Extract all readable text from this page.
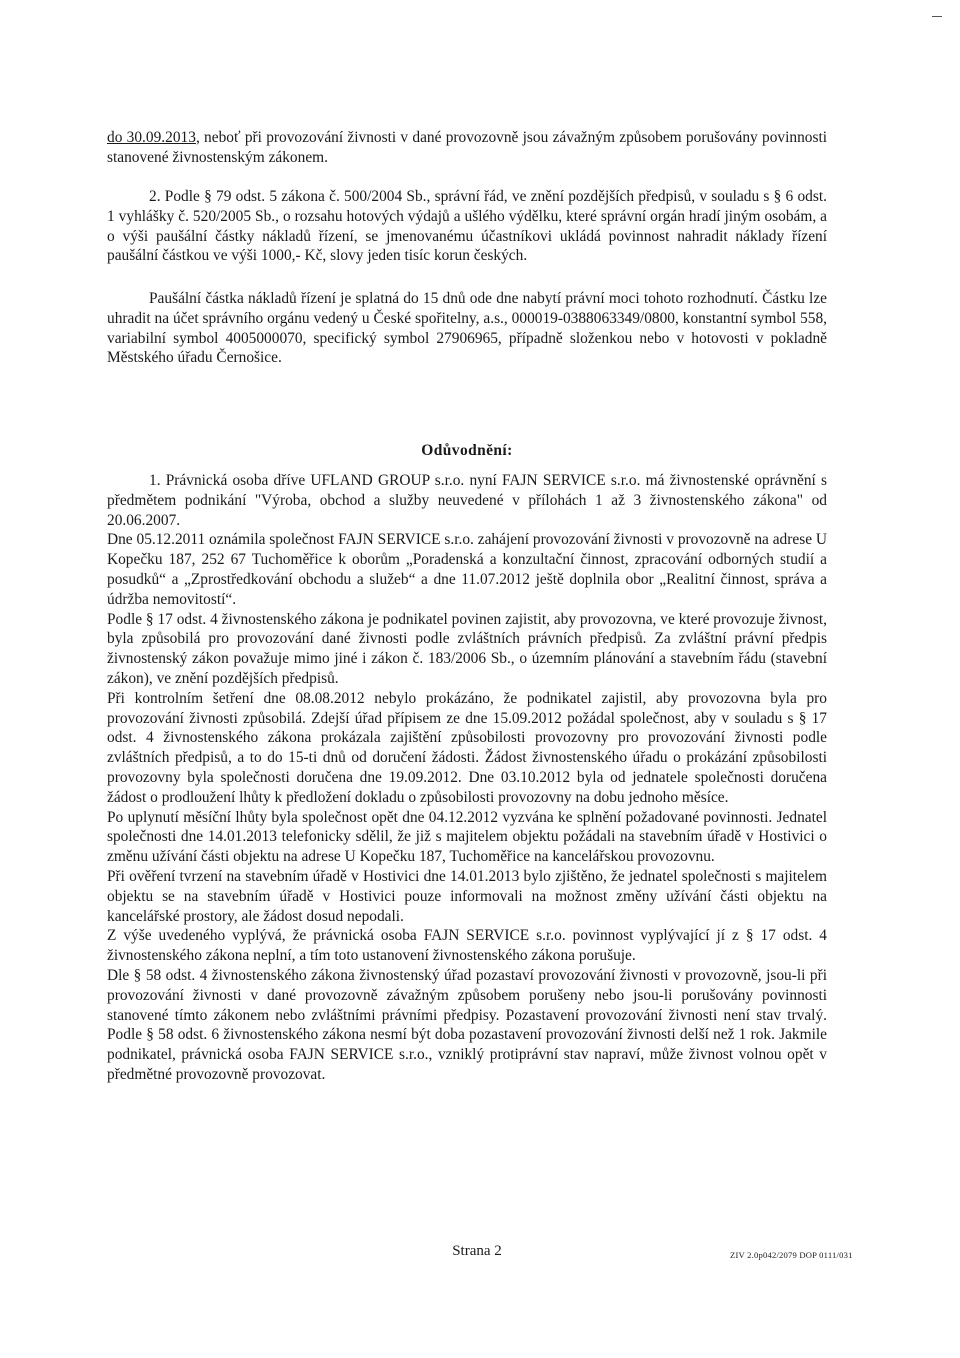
do 30.09.2013, neboť při provozování živnosti v dané provozovně jsou závažným způsobem porušovány povinnosti stanovené živnostenským zákonem.

2. Podle § 79 odst. 5 zákona č. 500/2004 Sb., správní řád, ve znění pozdějších předpisů, v souladu s § 6 odst. 1 vyhlášky č. 520/2005 Sb., o rozsahu hotových výdajů a ušlého výdělku, které správní orgán hradí jiným osobám, a o výši paušální částky nákladů řízení, se jmenovanému účastníkovi ukládá povinnost nahradit náklady řízení paušální částkou ve výši 1000,- Kč, slovy jeden tisíc korun českých.

Paušální částka nákladů řízení je splatná do 15 dnů ode dne nabytí právní moci tohoto rozhodnutí. Částku lze uhradit na účet správního orgánu vedený u České spořitelny, a.s., 000019-0388063349/0800, konstantní symbol 558, variabilní symbol 4005000070, specifický symbol 27906965, případně složenkou nebo v hotovosti v pokladně Městského úřadu Černošice.

Odůvodnění:

1. Právnická osoba dříve UFLAND GROUP s.r.o. nyní FAJN SERVICE s.r.o. má živnostenské oprávnění s předmětem podnikání "Výroba, obchod a služby neuvedené v přílohách 1 až 3 živnostenského zákona" od 20.06.2007.

Dne 05.12.2011 oznámila společnost FAJN SERVICE s.r.o. zahájení provozování živnosti v provozovně na adrese U Kopečku 187, 252 67 Tuchoměřice k oborům „Poradenská a konzultační činnost, zpracování odborných studií a posudků“ a „Zprostředkování obchodu a služeb“ a dne 11.07.2012 ještě doplnila obor „Realitní činnost, správa a údržba nemovitostí“.

Podle § 17 odst. 4 živnostenského zákona je podnikatel povinen zajistit, aby provozovna, ve které provozuje živnost, byla způsobilá pro provozování dané živnosti podle zvláštních právních předpisů. Za zvláštní právní předpis živnostenský zákon považuje mimo jiné i zákon č. 183/2006 Sb., o územním plánování a stavebním řádu (stavební zákon), ve znění pozdějších předpisů.

Při kontrolním šetření dne 08.08.2012 nebylo prokázáno, že podnikatel zajistil, aby provozovna byla pro provozování živnosti způsobilá. Zdejší úřad přípisem ze dne 15.09.2012 požádal společnost, aby v souladu s § 17 odst. 4 živnostenského zákona prokázala zajištění způsobilosti provozovny pro provozování živnosti podle zvláštních předpisů, a to do 15-ti dnů od doručení žádosti. Žádost živnostenského úřadu o prokázání způsobilosti provozovny byla společnosti doručena dne 19.09.2012. Dne 03.10.2012 byla od jednatele společnosti doručena žádost o prodloužení lhůty k předložení dokladu o způsobilosti provozovny na dobu jednoho měsíce.

Po uplynutí měsíční lhůty byla společnost opět dne 04.12.2012 vyzvána ke splnění požadované povinnosti. Jednatel společnosti dne 14.01.2013 telefonicky sdělil, že již s majitelem objektu požádali na stavebním úřadě v Hostivici o změnu užívání části objektu na adrese U Kopečku 187, Tuchoměřice na kancelářskou provozovnu.

Při ověření tvrzení na stavebním úřadě v Hostivici dne 14.01.2013 bylo zjištěno, že jednatel společnosti s majitelem objektu se na stavebním úřadě v Hostivici pouze informovali na možnost změny užívání části objektu na kancelářské prostory, ale žádost dosud nepodali.

Z výše uvedeného vyplývá, že právnická osoba FAJN SERVICE s.r.o. povinnost vyplývající jí z § 17 odst. 4 živnostenského zákona neplní, a tím toto ustanovení živnostenského zákona porušuje.

Dle § 58 odst. 4 živnostenského zákona živnostenský úřad pozastaví provozování živnosti v provozovně, jsou-li při provozování živnosti v dané provozovně závažným způsobem porušeny nebo jsou-li porušovány povinnosti stanovené tímto zákonem nebo zvláštními právními předpisy. Pozastavení provozování živnosti není stav trvalý. Podle § 58 odst. 6 živnostenského zákona nesmí být doba pozastavení provozování živnosti delší než 1 rok. Jakmile podnikatel, právnická osoba FAJN SERVICE s.r.o., vzniklý protiprávní stav napraví, může živnost volnou opět v předmětné provozovně provozovat.

Strana 2	ZIV 2.0p042/2079 DOP 0111/031
